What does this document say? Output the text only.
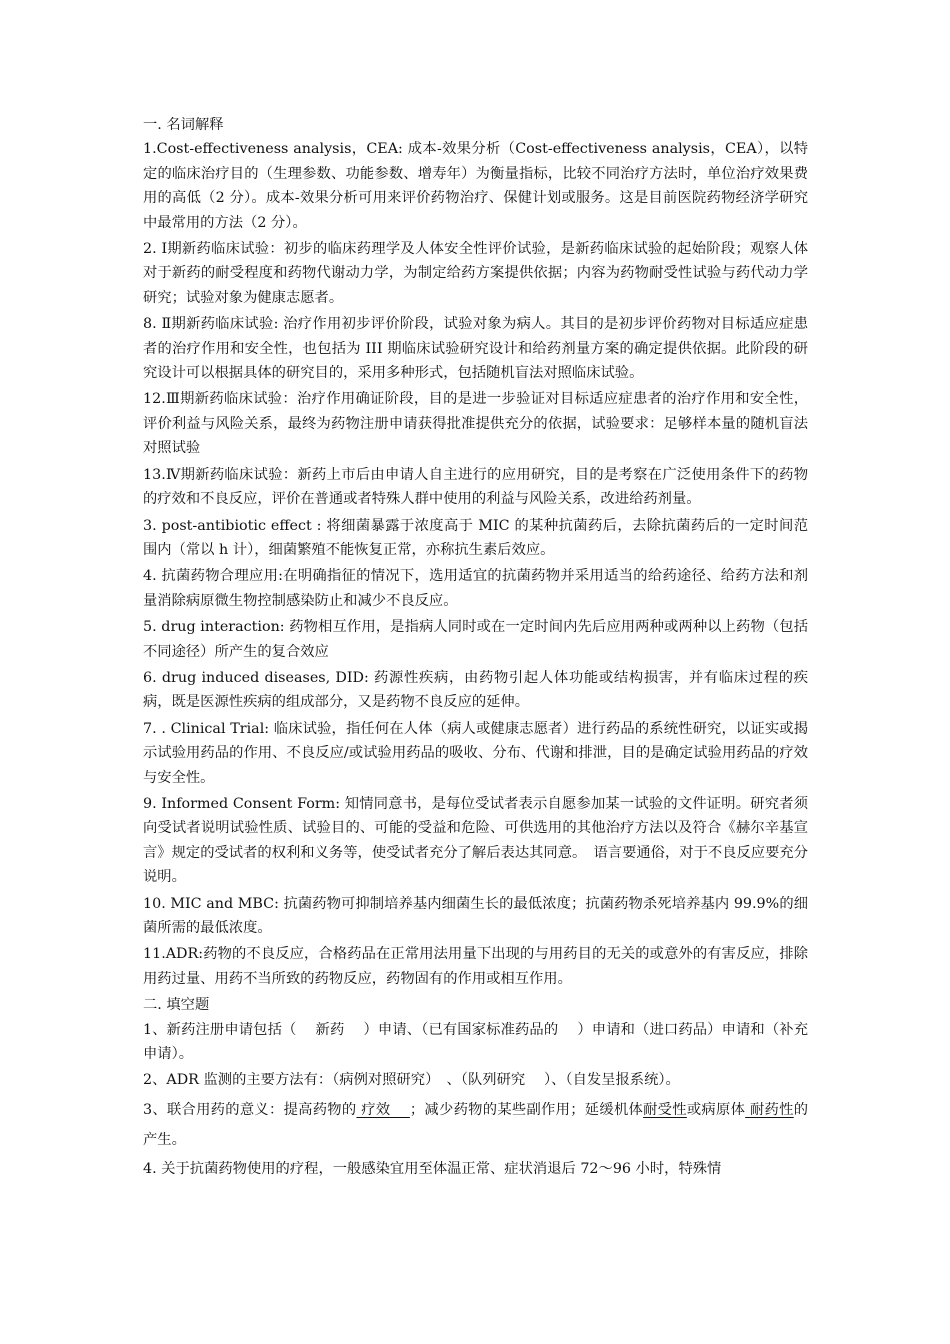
一. 名词解释

1.Cost-effectiveness analysis，CEA: 成本-效果分析（Cost-effectiveness analysis，CEA），以特定的临床治疗目的（生理参数、功能参数、增寿年）为衡量指标，比较不同治疗方法时，单位治疗效果费用的高低（2 分）。成本-效果分析可用来评价药物治疗、保健计划或服务。这是目前医院药物经济学研究中最常用的方法（2 分）。

2. Ⅰ期新药临床试验：初步的临床药理学及人体安全性评价试验，是新药临床试验的起始阶段；观察人体对于新药的耐受程度和药物代谢动力学，为制定给药方案提供依据；内容为药物耐受性试验与药代动力学研究；试验对象为健康志愿者。

8. Ⅱ期新药临床试验: 治疗作用初步评价阶段，试验对象为病人。其目的是初步评价药物对目标适应症患者的治疗作用和安全性，也包括为 III 期临床试验研究设计和给药剂量方案的确定提供依据。此阶段的研究设计可以根据具体的研究目的，采用多种形式，包括随机盲法对照临床试验。

12.Ⅲ期新药临床试验：治疗作用确证阶段，目的是进一步验证对目标适应症患者的治疗作用和安全性，评价利益与风险关系，最终为药物注册申请获得批准提供充分的依据，试验要求：足够样本量的随机盲法对照试验

13.Ⅳ期新药临床试验：新药上市后由申请人自主进行的应用研究，目的是考察在广泛使用条件下的药物的疗效和不良反应，评价在普通或者特殊人群中使用的利益与风险关系，改进给药剂量。

3. post-antibiotic effect : 将细菌暴露于浓度高于 MIC 的某种抗菌药后，去除抗菌药后的一定时间范围内（常以 h 计），细菌繁殖不能恢复正常，亦称抗生素后效应。

4. 抗菌药物合理应用:在明确指征的情况下，选用适宜的抗菌药物并采用适当的给药途径、给药方法和剂量消除病原微生物控制感染防止和减少不良反应。

5. drug interaction: 药物相互作用，是指病人同时或在一定时间内先后应用两种或两种以上药物（包括不同途径）所产生的复合效应

6. drug induced diseases, DID: 药源性疾病，由药物引起人体功能或结构损害，并有临床过程的疾病，既是医源性疾病的组成部分，又是药物不良反应的延伸。

7. . Clinical Trial: 临床试验，指任何在人体（病人或健康志愿者）进行药品的系统性研究，以证实或揭示试验用药品的作用、不良反应/或试验用药品的吸收、分布、代谢和排泄，目的是确定试验用药品的疗效与安全性。

9. Informed Consent Form: 知情同意书，是每位受试者表示自愿参加某一试验的文件证明。研究者须向受试者说明试验性质、试验目的、可能的受益和危险、可供选用的其他治疗方法以及符合《赫尔辛基宣言》规定的受试者的权利和义务等，使受试者充分了解后表达其同意。　语言要通俗，对于不良反应要充分说明。

10. MIC and MBC: 抗菌药物可抑制培养基内细菌生长的最低浓度；抗菌药物杀死培养基内 99.9%的细菌所需的最低浓度。

11.ADR:药物的不良反应，合格药品在正常用法用量下出现的与用药目的无关的或意外的有害反应，排除用药过量、用药不当所致的药物反应，药物固有的作用或相互作用。

二. 填空题

1、新药注册申请包括（　 新药　 ）申请、（已有国家标准药品的　 ）申请和（进口药品）申请和（补充申请）。

2、ADR 监测的主要方法有：（病例对照研究）　、（队列研究　 ）、（自发呈报系统）。

3、联合用药的意义：提高药物的 疗效　 ；减少药物的某些副作用；延缓机体耐受性或病原体 耐药性的产生。

4. 关于抗菌药物使用的疗程，一般感染宜用至体温正常、症状消退后 72～96 小时，特殊情
